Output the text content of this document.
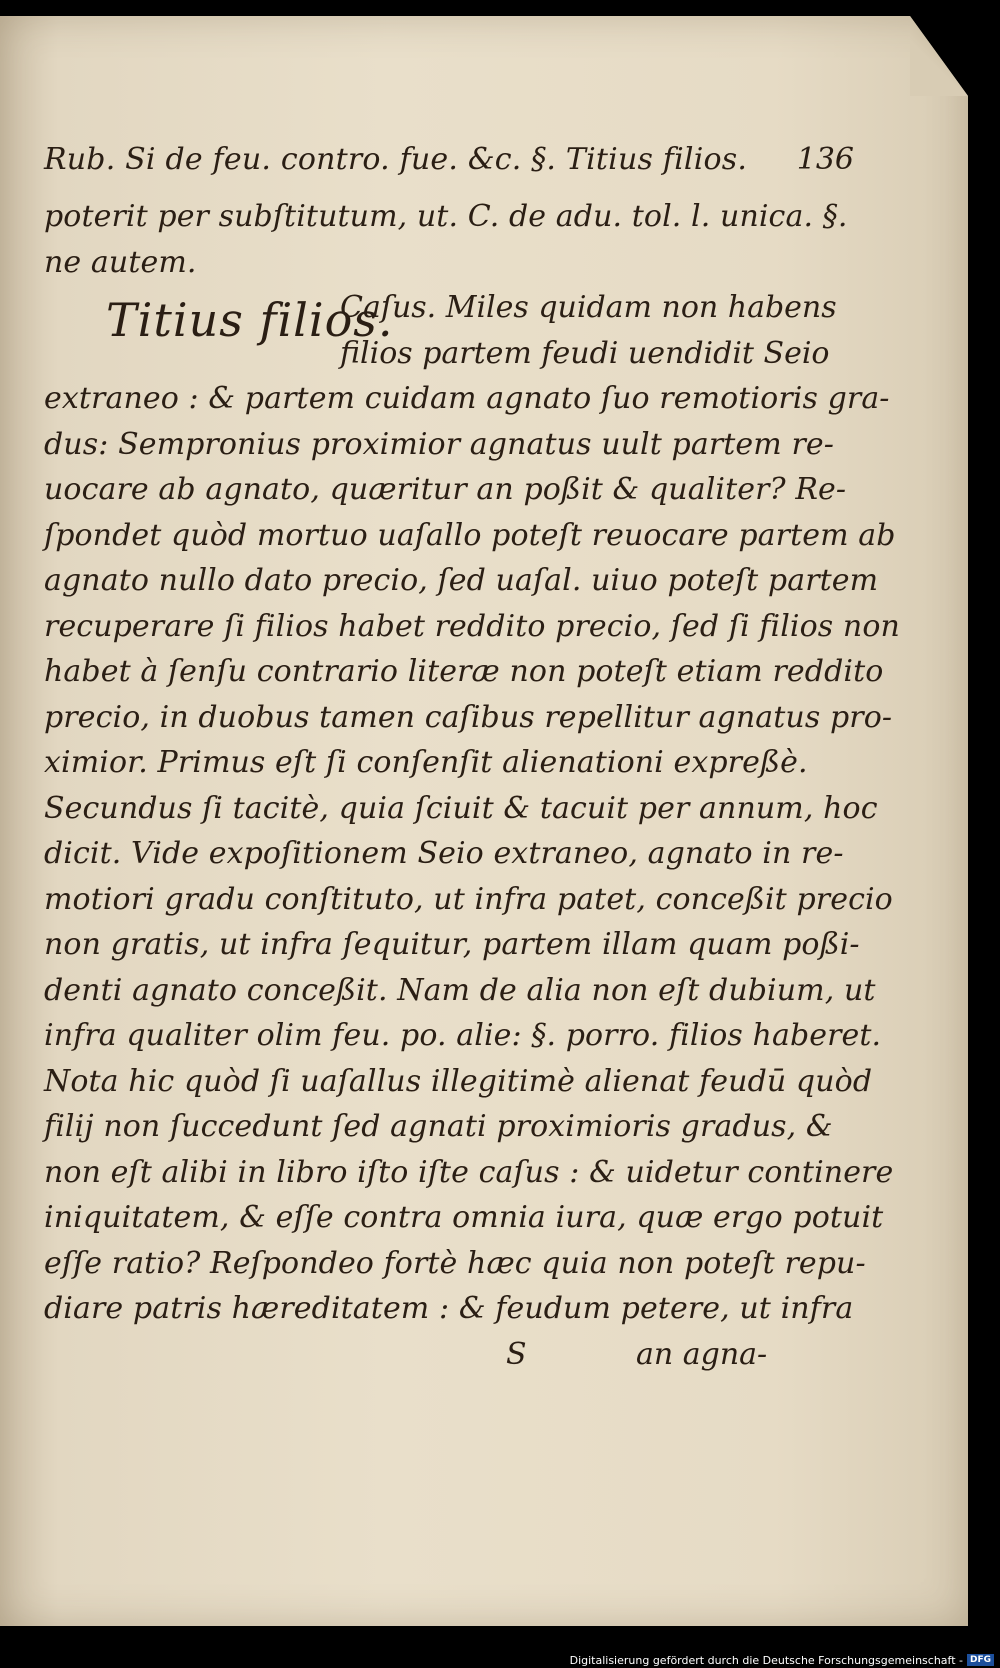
Rub. Si de feu. contro. fue. &c. §. Titius filios. 136
poterit per subſtitutum, ut. C. de adu. tol. l. unica. §.
ne autem.
Titius filios.
Caſus. Miles quidam non habens
filios partem feudi uendidit Seio
extraneo : & partem cuidam agnato ſuo remotioris gra-
dus: Sempronius proximior agnatus uult partem re-
uocare ab agnato, quæritur an poßit & qualiter? Re-
ſpondet quòd mortuo uaſallo poteſt reuocare partem ab
agnato nullo dato precio, ſed uaſal. uiuo poteſt partem
recuperare ſi filios habet reddito precio, ſed ſi filios non
habet à ſenſu contrario literæ non poteſt etiam reddito
precio, in duobus tamen caſibus repellitur agnatus pro-
ximior. Primus eſt ſi conſenſit alienationi expreßè.
Secundus ſi tacitè, quia ſciuit & tacuit per annum, hoc
dicit. Vide expoſitionem Seio extraneo, agnato in re-
motiori gradu conſtituto, ut infra patet, conceßit precio
non gratis, ut infra ſequitur, partem illam quam poßi-
denti agnato conceßit. Nam de alia non eſt dubium, ut
infra qualiter olim feu. po. alie: §. porro. filios haberet.
Nota hic quòd ſi uaſallus illegitimè alienat feudū quòd
filij non ſuccedunt ſed agnati proximioris gradus, &
non eſt alibi in libro iſto iſte caſus : & uidetur continere
iniquitatem, & eſſe contra omnia iura, quæ ergo potuit
eſſe ratio? Reſpondeo fortè hæc quia non poteſt repu-
diare patris hæreditatem : & feudum petere, ut infra
S	an agna-
Digitalisierung gefördert durch die Deutsche Forschungsgemeinschaft - DFG
